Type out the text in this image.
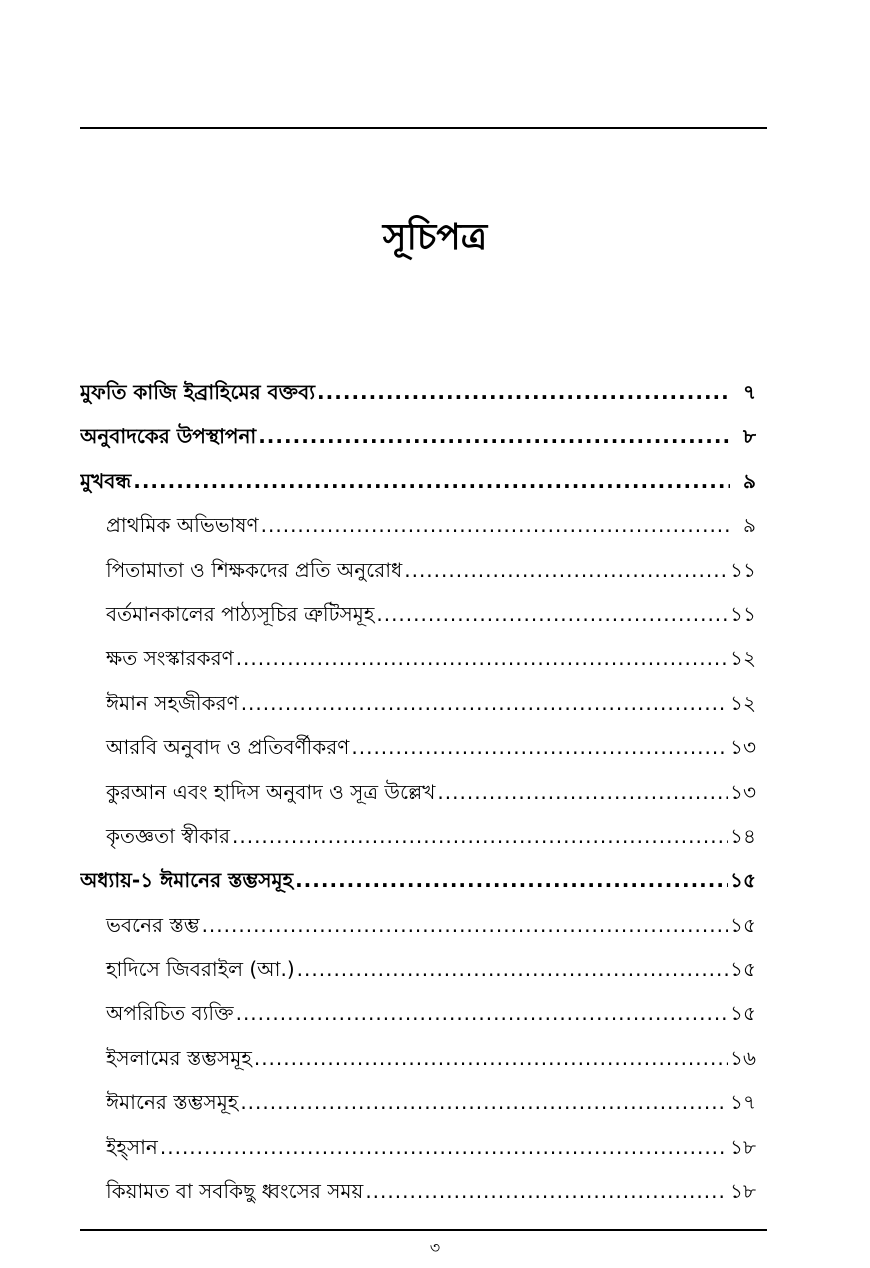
সূচিপত্র
মুফতি কাজি ইব্রাহিমের বক্তব্য .....	৭
অনুবাদকের উপস্থাপনা .....	৮
মুখবন্ধ .....	৯
প্রাথমিক অভিভাষণ .....	৯
পিতামাতা ও শিক্ষকদের প্রতি অনুরোধ .....	১১
বর্তমানকালের পাঠ্যসূচির ত্রুটিসমূহ .....	১১
ক্ষত সংস্কারকরণ .....	১২
ঈমান সহজীকরণ .....	১২
আরবি অনুবাদ ও প্রতিবর্ণীকরণ .....	১৩
কুরআন এবং হাদিস অনুবাদ ও সূত্র উল্লেখ .....	১৩
কৃতজ্ঞতা স্বীকার .....	১৪
অধ্যায়-১ ঈমানের স্তম্ভসমূহ .....	১৫
ভবনের স্তম্ভ .....	১৫
হাদিসে জিবরাইল (আ.) .....	১৫
অপরিচিত ব্যক্তি .....	১৫
ইসলামের স্তম্ভসমূহ .....	১৬
ঈমানের স্তম্ভসমূহ .....	১৭
ইহ্‌সান .....	১৮
কিয়ামত বা সবকিছু ধ্বংসের সময় .....	১৮
৩
